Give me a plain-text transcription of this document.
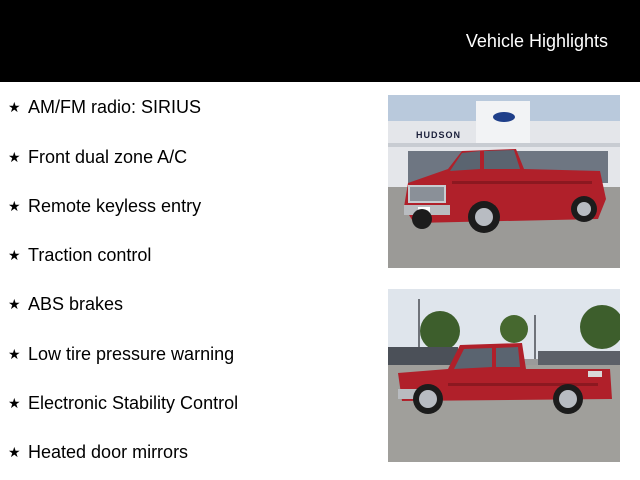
Vehicle Highlights
★ AM/FM radio: SIRIUS
★ Front dual zone A/C
★ Remote keyless entry
★ Traction control
★ ABS brakes
★ Low tire pressure warning
★ Electronic Stability Control
★ Heated door mirrors
HUDSON
